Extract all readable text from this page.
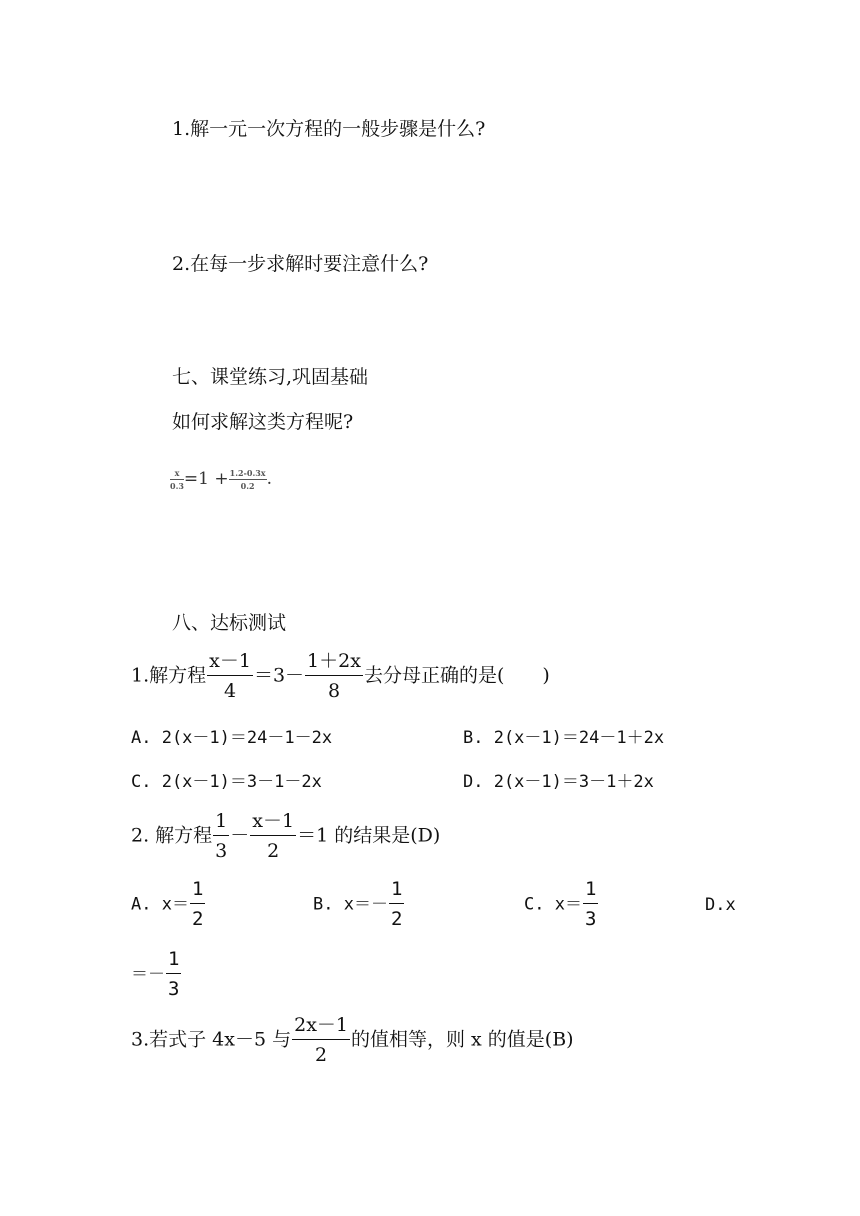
1.解一元一次方程的一般步骤是什么?
2.在每一步求解时要注意什么?
七、课堂练习,巩固基础
如何求解这类方程呢?
$\frac{x}{0.3} =1 + \frac{1.2-0.3x}{0.2}$ .
八、达标测试
1.解方程 $\frac{x-1}{4} =3- \frac{1+2x}{8}$ 去分母正确的是(　　)
A. 2(x－1)＝24－1－2x	B. 2(x－1)＝24－1＋2x
C. 2(x－1)＝3－1－2x	D. 2(x－1)＝3－1＋2x
2. 解方程 $\frac{1}{3} - \frac{x-1}{2} =1$ 的结果是(D)
A. $x= \frac{1}{2}$	B. $x=- \frac{1}{2}$	C. $x= \frac{1}{3}$	D.x
＝－ $\frac{1}{3}$
3.若式子 4x－5 与 $\frac{2x-1}{2}$ 的值相等，则 x 的值是(B)
